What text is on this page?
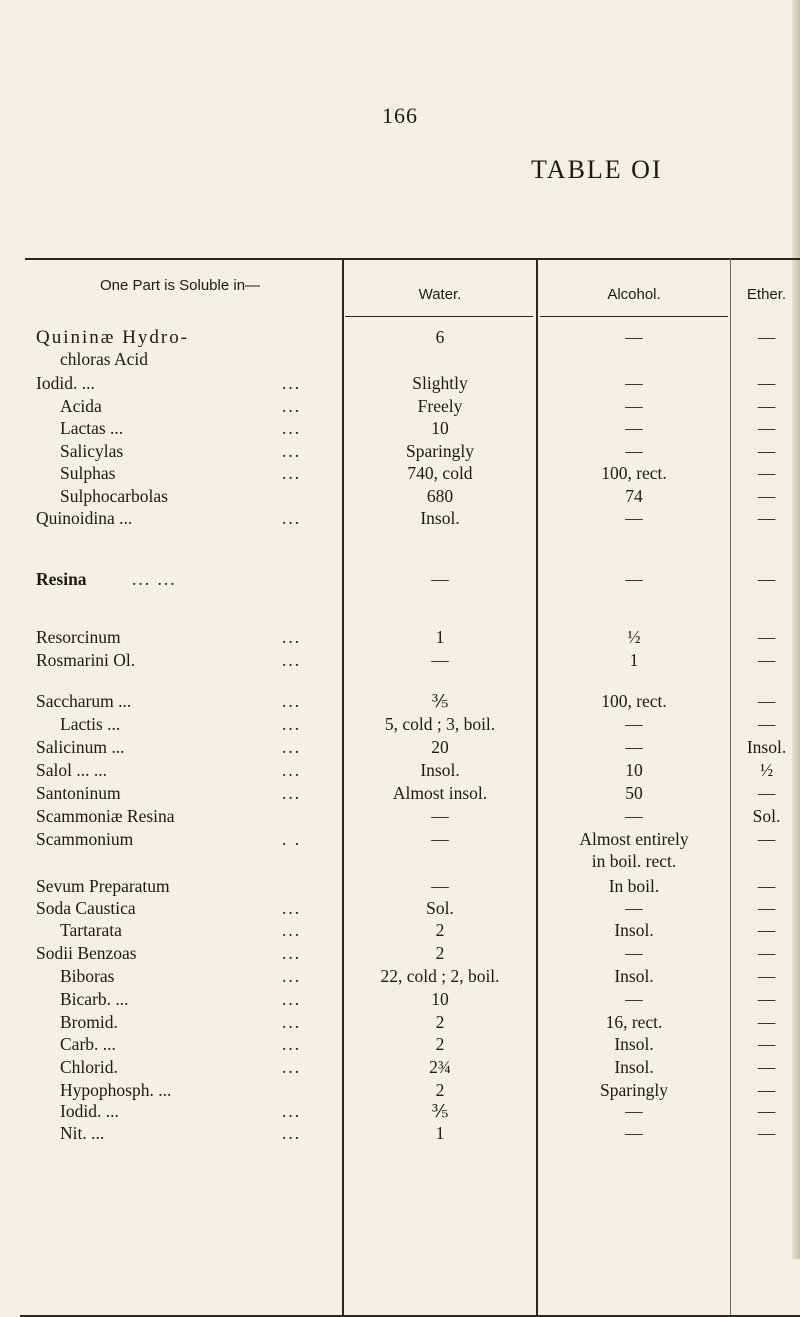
166
TABLE OI
One Part is Soluble in—
Water.	Alcohol.	Ether.
Quininæ Hydro-	6	—	—
chloras Acid
Iodid. ...	...	Slightly	—	—
Acida	...	Freely	—	—
Lactas ...	...	10	—	—
Salicylas	...	Sparingly	—	—
Sulphas	...	740, cold	100, rect.	—
Sulphocarbolas	680	74	—
Quinoidina ...	...	Insol.	—	—
Resina	... ...	—	—	—
Resorcinum	...	1	½	—
Rosmarini Ol.	...	—	1	—
Saccharum ...	...	⅗	100, rect.	—
Lactis ...	...	5, cold ; 3, boil.	—	—
Salicinum ...	...	20	—	Insol.
Salol ... ...	...	Insol.	10	½
Santoninum	...	Almost insol.	50	—
Scammoniæ Resina	—	—	Sol.
Scammonium	. .	—	Almost entirely	—
in boil. rect.
Sevum Preparatum	—	In boil.	—
Soda Caustica	...	Sol.	—	—
Tartarata	...	2	Insol.	—
Sodii Benzoas	...	2	—	—
Biboras	...	22, cold ; 2, boil.	Insol.	—
Bicarb. ...	...	10	—	—
Bromid.	...	2	16, rect.	—
Carb. ...	...	2	Insol.	—
Chlorid.	...	2¾	Insol.	—
Hypophosph. ...	2	Sparingly	—
Iodid. ...	...	⅗	—	—
Nit. ...	...	1	—	—
